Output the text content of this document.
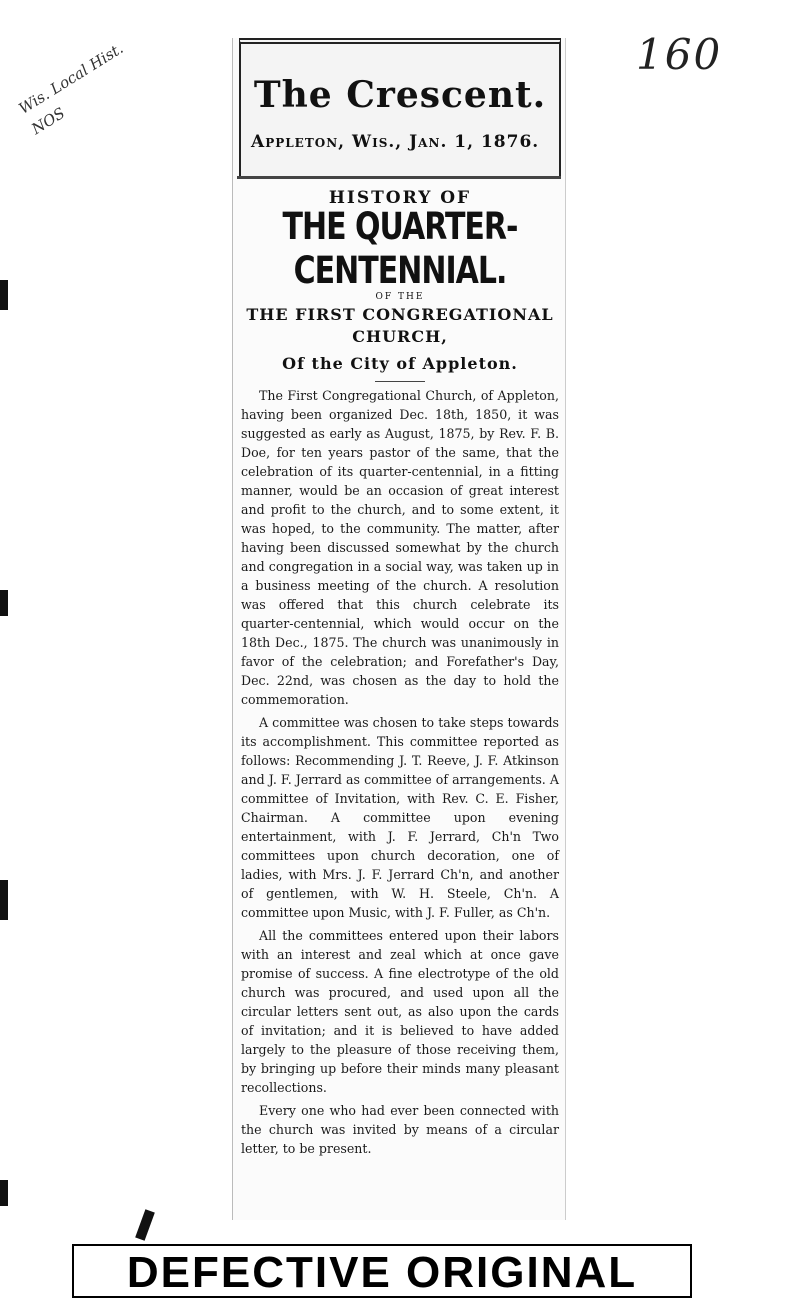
Wis. Local Hist. NOS
160
The Crescent.
Appleton, Wis., Jan. 1, 1876.
HISTORY OF
THE QUARTER-CENTENNIAL.
OF THE
THE FIRST CONGREGATIONAL CHURCH,
Of the City of Appleton.

The First Congregational Church, of Appleton, having been organized Dec. 18th, 1850, it was suggested as early as August, 1875, by Rev. F. B. Doe, for ten years pastor of the same, that the celebration of its quarter-centennial, in a fitting manner, would be an occasion of great interest and profit to the church, and to some extent, it was hoped, to the community. The matter, after having been discussed somewhat by the church and congregation in a social way, was taken up in a business meeting of the church. A resolution was offered that this church celebrate its quarter-centennial, which would occur on the 18th Dec., 1875. The church was unanimously in favor of the celebration; and Forefather's Day, Dec. 22nd, was chosen as the day to hold the commemoration.

A committee was chosen to take steps towards its accomplishment. This committee reported as follows: Recommending J. T. Reeve, J. F. Atkinson and J. F. Jerrard as committee of arrangements. A committee of Invitation, with Rev. C. E. Fisher, Chairman. A committee upon evening entertainment, with J. F. Jerrard, Ch'n Two committees upon church decoration, one of ladies, with Mrs. J. F. Jerrard Ch'n, and another of gentlemen, with W. H. Steele, Ch'n. A committee upon Music, with J. F. Fuller, as Ch'n.

All the committees entered upon their labors with an interest and zeal which at once gave promise of success. A fine electrotype of the old church was procured, and used upon all the circular letters sent out, as also upon the cards of invitation; and it is believed to have added largely to the pleasure of those receiving them, by bringing up before their minds many pleasant recollections.

Every one who had ever been connected with the church was invited by means of a circular letter, to be present.

DEFECTIVE ORIGINAL
